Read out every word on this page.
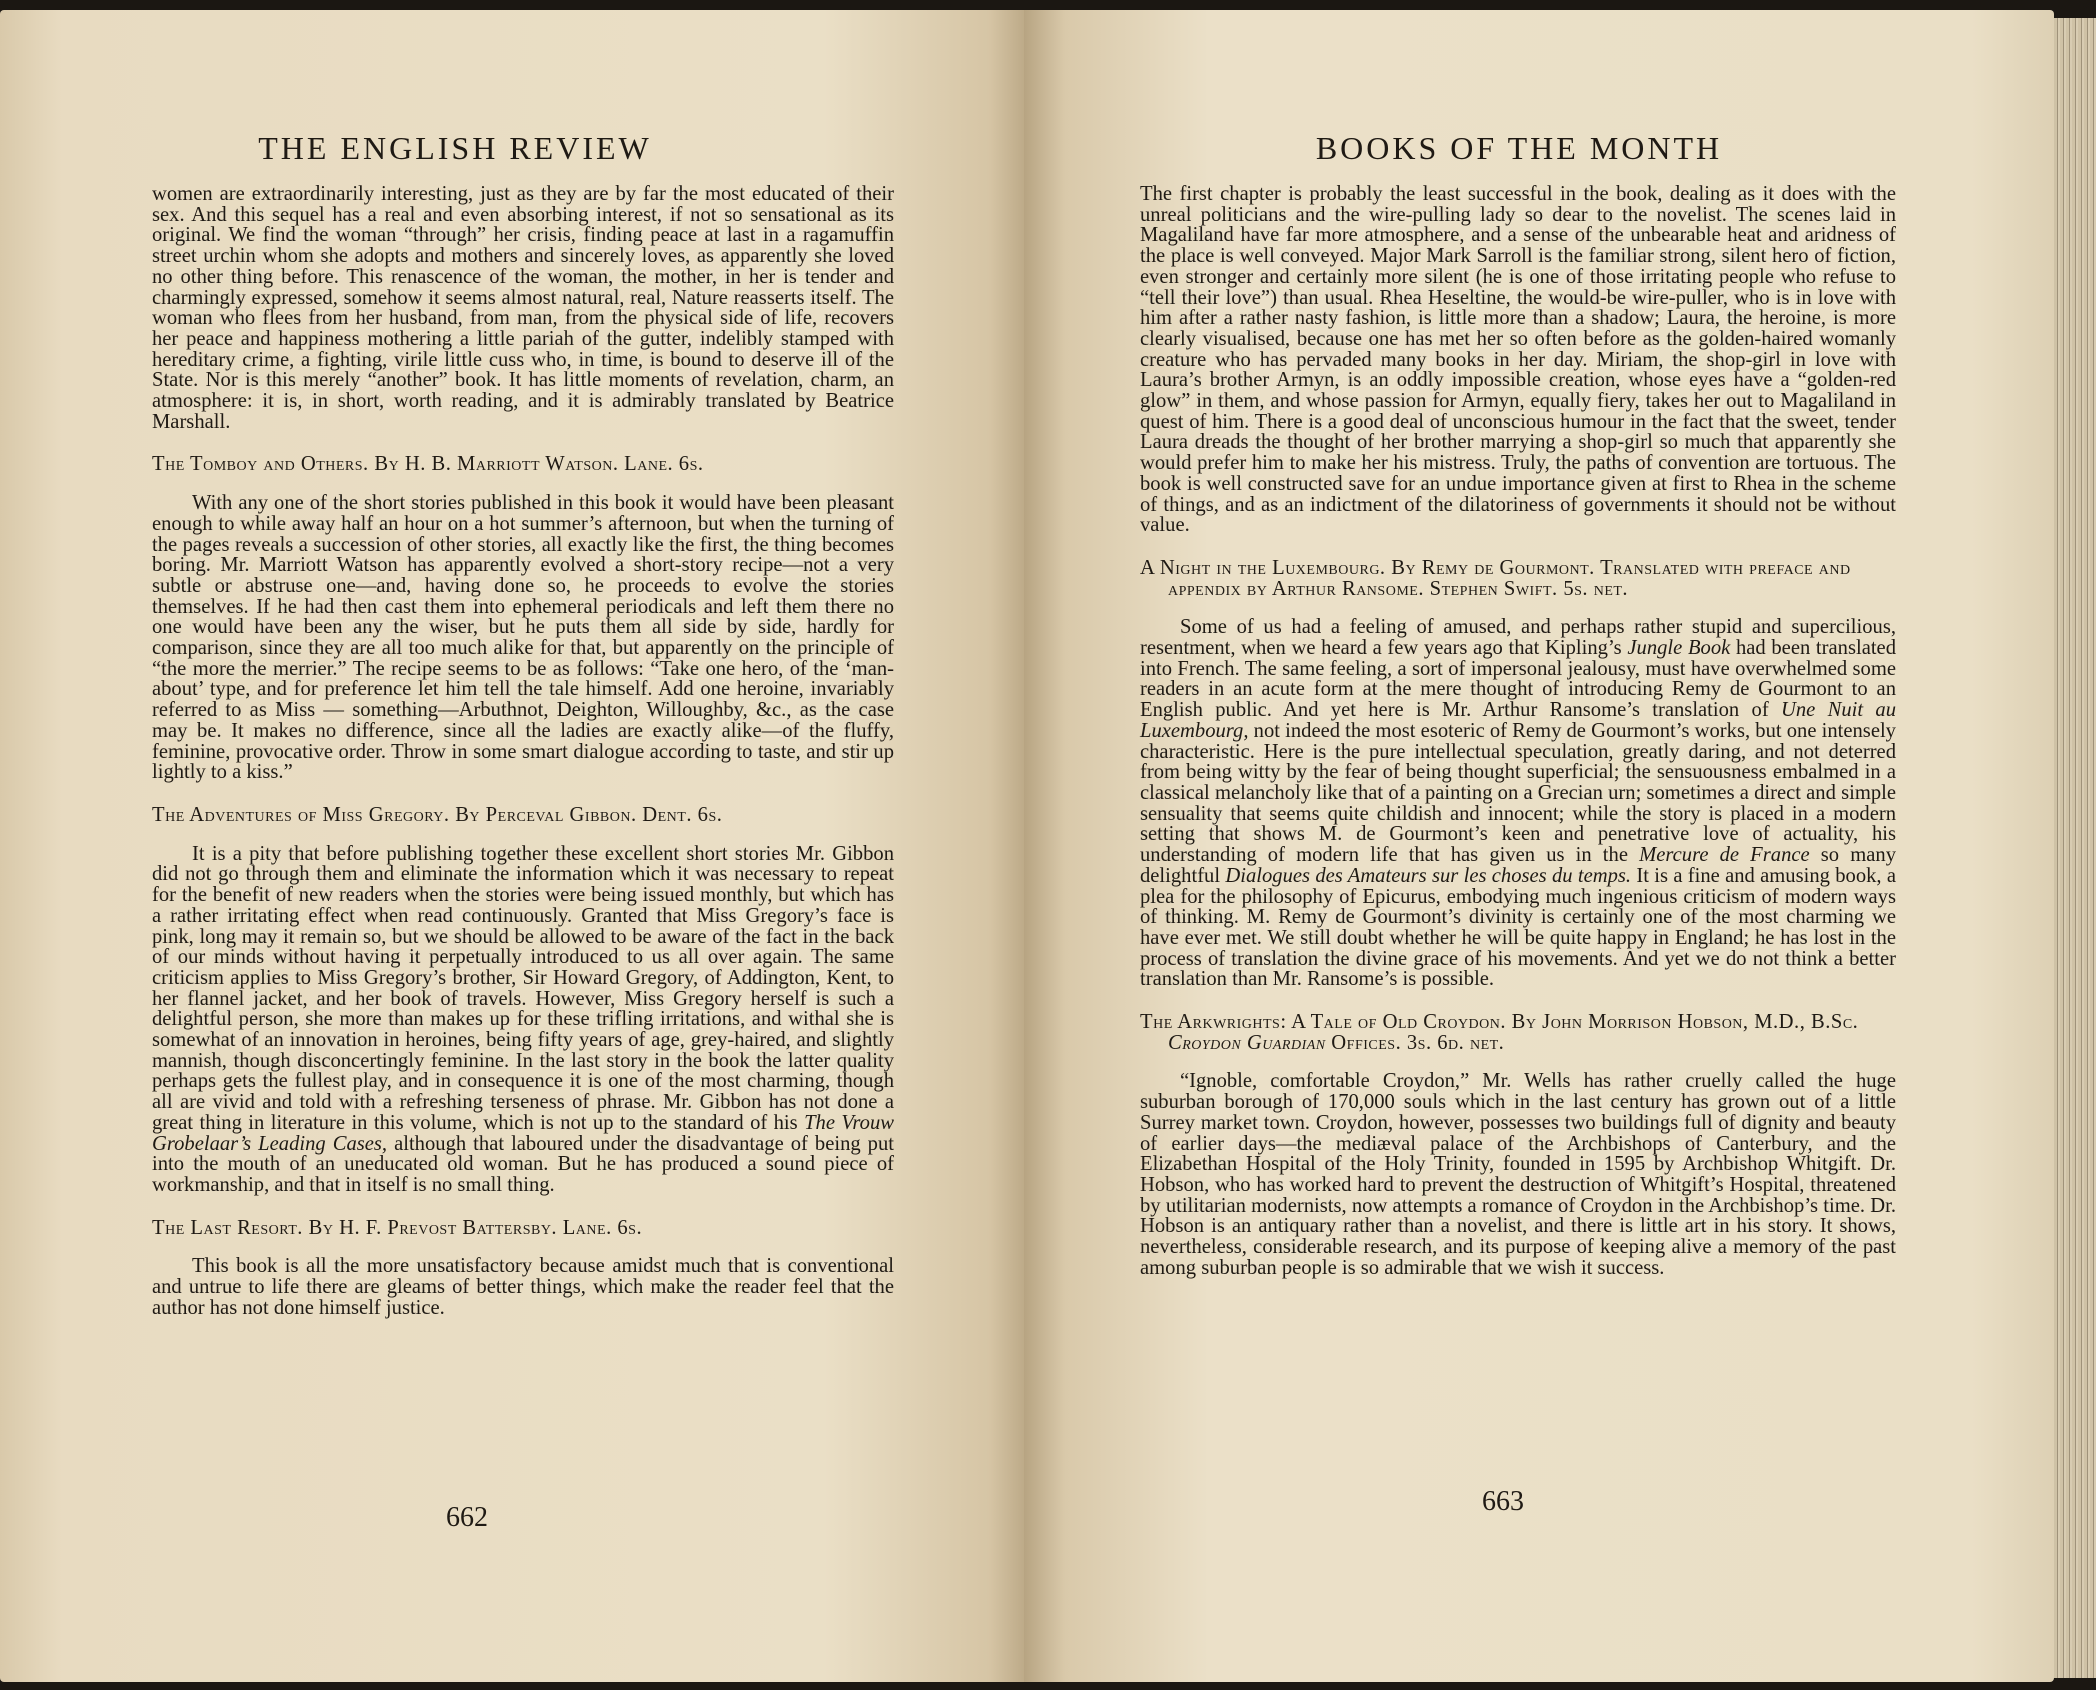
THE ENGLISH REVIEW

women are extraordinarily interesting, just as they are by far the most educated of their sex. And this sequel has a real and even absorbing interest, if not so sensational as its original. We find the woman “through” her crisis, finding peace at last in a ragamuffin street urchin whom she adopts and mothers and sincerely loves, as apparently she loved no other thing before. This renascence of the woman, the mother, in her is tender and charmingly expressed, somehow it seems almost natural, real, Nature reasserts itself. The woman who flees from her husband, from man, from the physical side of life, recovers her peace and happiness mothering a little pariah of the gutter, indelibly stamped with hereditary crime, a fighting, virile little cuss who, in time, is bound to deserve ill of the State. Nor is this merely “another” book. It has little moments of revelation, charm, an atmosphere: it is, in short, worth reading, and it is admirably translated by Beatrice Marshall.

The Tomboy and Others. By H. B. Marriott Watson. Lane. 6s.

With any one of the short stories published in this book it would have been pleasant enough to while away half an hour on a hot summer’s afternoon, but when the turning of the pages reveals a succession of other stories, all exactly like the first, the thing becomes boring. Mr. Marriott Watson has apparently evolved a short-story recipe—not a very subtle or abstruse one—and, having done so, he proceeds to evolve the stories themselves. If he had then cast them into ephemeral periodicals and left them there no one would have been any the wiser, but he puts them all side by side, hardly for comparison, since they are all too much alike for that, but apparently on the principle of “the more the merrier.” The recipe seems to be as follows: “Take one hero, of the ‘man-about’ type, and for preference let him tell the tale himself. Add one heroine, invariably referred to as Miss — something—Arbuthnot, Deighton, Willoughby, &c., as the case may be. It makes no difference, since all the ladies are exactly alike—of the fluffy, feminine, provocative order. Throw in some smart dialogue according to taste, and stir up lightly to a kiss.”

The Adventures of Miss Gregory. By Perceval Gibbon. Dent. 6s.

It is a pity that before publishing together these excellent short stories Mr. Gibbon did not go through them and eliminate the information which it was necessary to repeat for the benefit of new readers when the stories were being issued monthly, but which has a rather irritating effect when read continuously. Granted that Miss Gregory’s face is pink, long may it remain so, but we should be allowed to be aware of the fact in the back of our minds without having it perpetually introduced to us all over again. The same criticism applies to Miss Gregory’s brother, Sir Howard Gregory, of Addington, Kent, to her flannel jacket, and her book of travels. However, Miss Gregory herself is such a delightful person, she more than makes up for these trifling irritations, and withal she is somewhat of an innovation in heroines, being fifty years of age, grey-haired, and slightly mannish, though disconcertingly feminine. In the last story in the book the latter quality perhaps gets the fullest play, and in consequence it is one of the most charming, though all are vivid and told with a refreshing terseness of phrase. Mr. Gibbon has not done a great thing in literature in this volume, which is not up to the standard of his The Vrouw Grobelaar’s Leading Cases, although that laboured under the disadvantage of being put into the mouth of an uneducated old woman. But he has produced a sound piece of workmanship, and that in itself is no small thing.

The Last Resort. By H. F. Prevost Battersby. Lane. 6s.

This book is all the more unsatisfactory because amidst much that is conventional and untrue to life there are gleams of better things, which make the reader feel that the author has not done himself justice.

662
BOOKS OF THE MONTH

The first chapter is probably the least successful in the book, dealing as it does with the unreal politicians and the wire-pulling lady so dear to the novelist. The scenes laid in Magaliland have far more atmosphere, and a sense of the unbearable heat and aridness of the place is well conveyed. Major Mark Sarroll is the familiar strong, silent hero of fiction, even stronger and certainly more silent (he is one of those irritating people who refuse to “tell their love”) than usual. Rhea Heseltine, the would-be wire-puller, who is in love with him after a rather nasty fashion, is little more than a shadow; Laura, the heroine, is more clearly visualised, because one has met her so often before as the golden-haired womanly creature who has pervaded many books in her day. Miriam, the shop-girl in love with Laura’s brother Armyn, is an oddly impossible creation, whose eyes have a “golden-red glow” in them, and whose passion for Armyn, equally fiery, takes her out to Magaliland in quest of him. There is a good deal of unconscious humour in the fact that the sweet, tender Laura dreads the thought of her brother marrying a shop-girl so much that apparently she would prefer him to make her his mistress. Truly, the paths of convention are tortuous. The book is well constructed save for an undue importance given at first to Rhea in the scheme of things, and as an indictment of the dilatoriness of governments it should not be without value.

A Night in the Luxembourg. By Remy de Gourmont. Translated with preface and appendix by Arthur Ransome. Stephen Swift. 5s. net.

Some of us had a feeling of amused, and perhaps rather stupid and supercilious, resentment, when we heard a few years ago that Kipling’s Jungle Book had been translated into French. The same feeling, a sort of impersonal jealousy, must have overwhelmed some readers in an acute form at the mere thought of introducing Remy de Gourmont to an English public. And yet here is Mr. Arthur Ransome’s translation of Une Nuit au Luxembourg, not indeed the most esoteric of Remy de Gourmont’s works, but one intensely characteristic. Here is the pure intellectual speculation, greatly daring, and not deterred from being witty by the fear of being thought superficial; the sensuousness embalmed in a classical melancholy like that of a painting on a Grecian urn; sometimes a direct and simple sensuality that seems quite childish and innocent; while the story is placed in a modern setting that shows M. de Gourmont’s keen and penetrative love of actuality, his understanding of modern life that has given us in the Mercure de France so many delightful Dialogues des Amateurs sur les choses du temps. It is a fine and amusing book, a plea for the philosophy of Epicurus, embodying much ingenious criticism of modern ways of thinking. M. Remy de Gourmont’s divinity is certainly one of the most charming we have ever met. We still doubt whether he will be quite happy in England; he has lost in the process of translation the divine grace of his movements. And yet we do not think a better translation than Mr. Ransome’s is possible.

The Arkwrights: A Tale of Old Croydon. By John Morrison Hobson, M.D., B.Sc. Croydon Guardian Offices. 3s. 6d. net.

“Ignoble, comfortable Croydon,” Mr. Wells has rather cruelly called the huge suburban borough of 170,000 souls which in the last century has grown out of a little Surrey market town. Croydon, however, possesses two buildings full of dignity and beauty of earlier days—the mediæval palace of the Archbishops of Canterbury, and the Elizabethan Hospital of the Holy Trinity, founded in 1595 by Archbishop Whitgift. Dr. Hobson, who has worked hard to prevent the destruction of Whitgift’s Hospital, threatened by utilitarian modernists, now attempts a romance of Croydon in the Archbishop’s time. Dr. Hobson is an antiquary rather than a novelist, and there is little art in his story. It shows, nevertheless, considerable research, and its purpose of keeping alive a memory of the past among suburban people is so admirable that we wish it success.

663
